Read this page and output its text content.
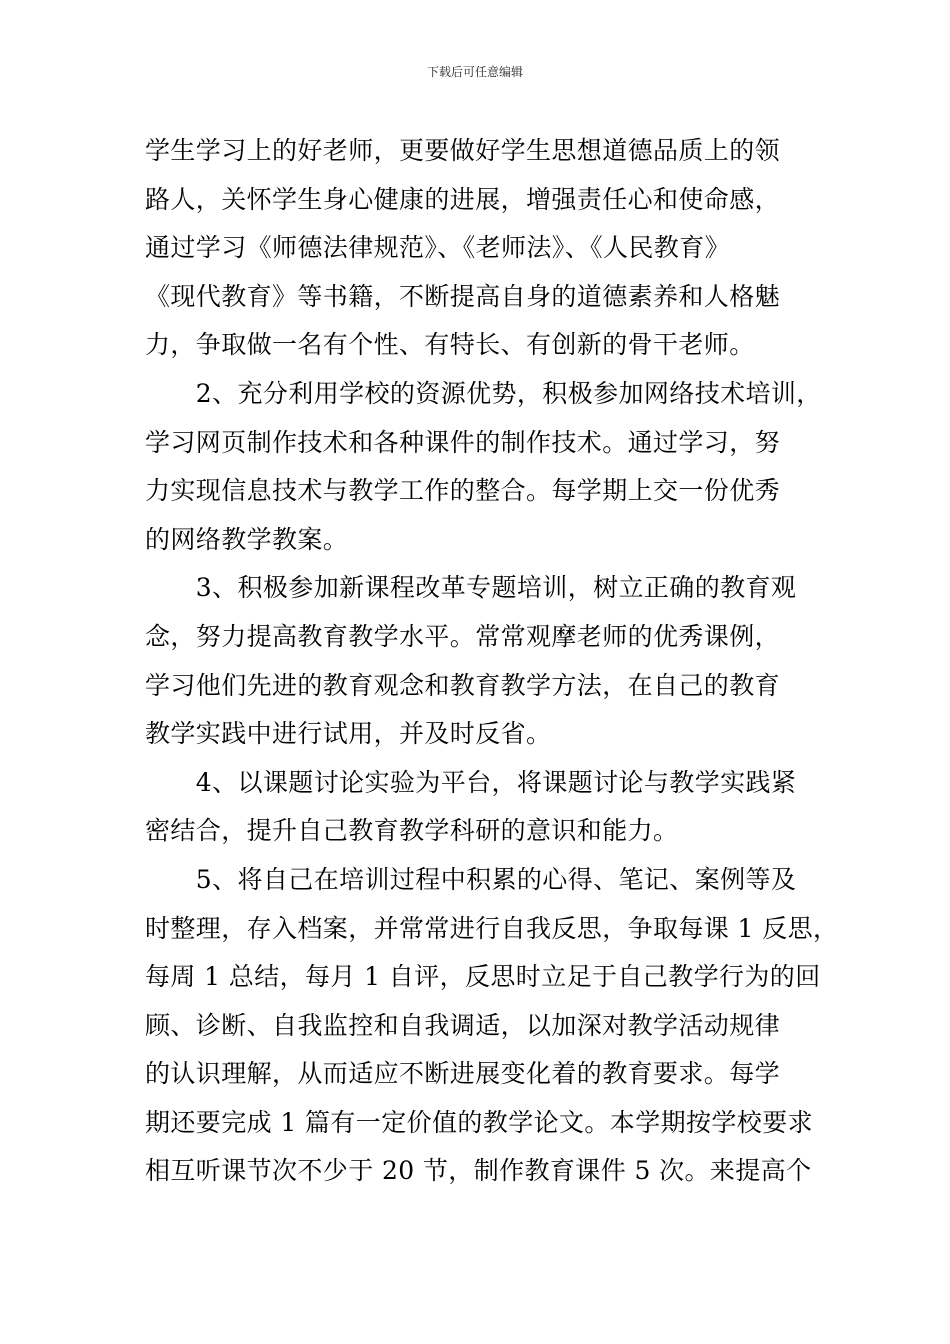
下载后可任意编辑
学生学习上的好老师，更要做好学生思想道德品质上的领
路人，关怀学生身心健康的进展，增强责任心和使命感，
通过学习《师德法律规范》、《老师法》、《人民教育》
《现代教育》等书籍，不断提高自身的道德素养和人格魅
力，争取做一名有个性、有特长、有创新的骨干老师。
　　2、充分利用学校的资源优势，积极参加网络技术培训，
学习网页制作技术和各种课件的制作技术。通过学习，努
力实现信息技术与教学工作的整合。每学期上交一份优秀
的网络教学教案。
　　3、积极参加新课程改革专题培训，树立正确的教育观
念，努力提高教育教学水平。常常观摩老师的优秀课例，
学习他们先进的教育观念和教育教学方法，在自己的教育
教学实践中进行试用，并及时反省。
　　4、以课题讨论实验为平台，将课题讨论与教学实践紧
密结合，提升自己教育教学科研的意识和能力。
　　5、将自己在培训过程中积累的心得、笔记、案例等及
时整理，存入档案，并常常进行自我反思，争取每课 1 反思，
每周 1 总结，每月 1 自评，反思时立足于自己教学行为的回
顾、诊断、自我监控和自我调适，以加深对教学活动规律
的认识理解，从而适应不断进展变化着的教育要求。每学
期还要完成 1 篇有一定价值的教学论文。本学期按学校要求
相互听课节次不少于 20 节，制作教育课件 5 次。来提高个
